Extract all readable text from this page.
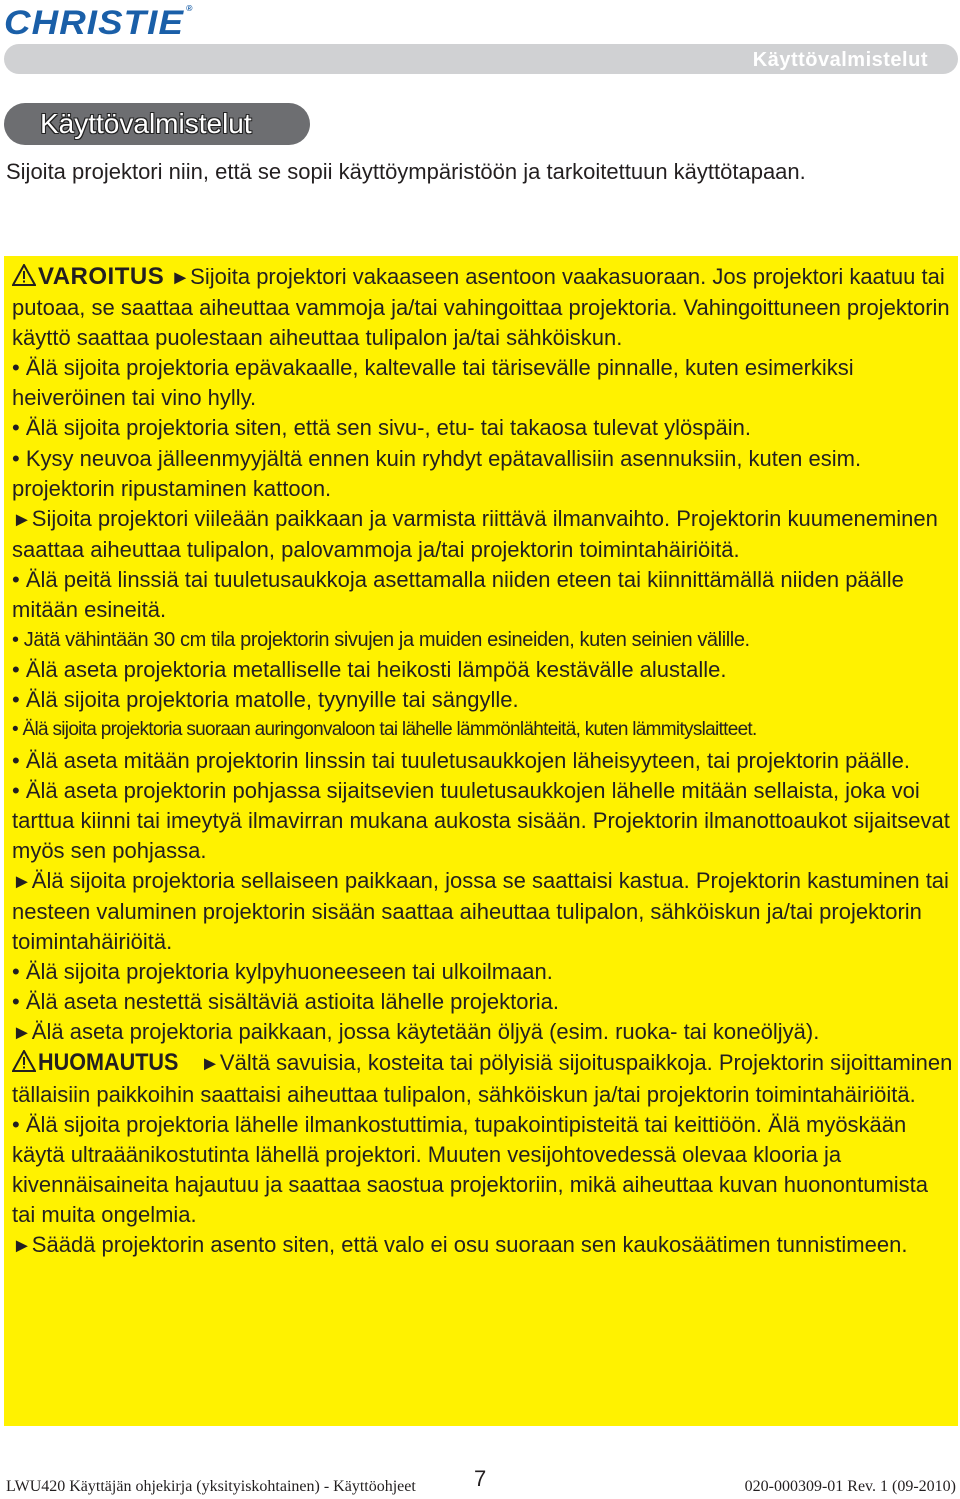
CHRISTIE ®
Käyttövalmistelut
Käyttövalmistelut
Sijoita projektori niin, että se sopii käyttöympäristöön ja tarkoitettuun käyttötapaan.

VAROITUS ►Sijoita projektori vakaaseen asentoon vaakasuoraan. Jos projektori kaatuu tai putoaa, se saattaa aiheuttaa vammoja ja/tai vahingoittaa projektoria. Vahingoittuneen projektorin käyttö saattaa puolestaan aiheuttaa tulipalon ja/tai sähköiskun.

• Älä sijoita projektoria epävakaalle, kaltevalle tai tärisevälle pinnalle, kuten esimerkiksi heiveröinen tai vino hylly.

• Älä sijoita projektoria siten, että sen sivu-, etu- tai takaosa tulevat ylöspäin.

• Kysy neuvoa jälleenmyyjältä ennen kuin ryhdyt epätavallisiin asennuksiin, kuten esim. projektorin ripustaminen kattoon.

►Sijoita projektori viileään paikkaan ja varmista riittävä ilmanvaihto. Projektorin kuumeneminen saattaa aiheuttaa tulipalon, palovammoja ja/tai projektorin toimintahäiriöitä.

• Älä peitä linssiä tai tuuletusaukkoja asettamalla niiden eteen tai kiinnittämällä niiden päälle mitään esineitä.

• Jätä vähintään 30 cm tila projektorin sivujen ja muiden esineiden, kuten seinien välille.

• Älä aseta projektoria metalliselle tai heikosti lämpöä kestävälle alustalle.

• Älä sijoita projektoria matolle, tyynyille tai sängylle.

• Älä sijoita projektoria suoraan auringonvaloon tai lähelle lämmönlähteitä, kuten lämmityslaitteet.

• Älä aseta mitään projektorin linssin tai tuuletusaukkojen läheisyyteen, tai projektorin päälle.

• Älä aseta projektorin pohjassa sijaitsevien tuuletusaukkojen lähelle mitään sellaista, joka voi tarttua kiinni tai imeytyä ilmavirran mukana aukosta sisään. Projektorin ilmanottoaukot sijaitsevat myös sen pohjassa.

►Älä sijoita projektoria sellaiseen paikkaan, jossa se saattaisi kastua. Projektorin kastuminen tai nesteen valuminen projektorin sisään saattaa aiheuttaa tulipalon, sähköiskun ja/tai projektorin toimintahäiriöitä.

• Älä sijoita projektoria kylpyhuoneeseen tai ulkoilmaan.

• Älä aseta nestettä sisältäviä astioita lähelle projektoria.

►Älä aseta projektoria paikkaan, jossa käytetään öljyä (esim. ruoka- tai koneöljyä).

HUOMAUTUS ►Vältä savuisia, kosteita tai pölyisiä sijoituspaikkoja. Projektorin sijoittaminen tällaisiin paikkoihin saattaisi aiheuttaa tulipalon, sähköiskun ja/tai projektorin toimintahäiriöitä.

• Älä sijoita projektoria lähelle ilmankostuttimia, tupakointipisteitä tai keittiöön. Älä myöskään käytä ultraäänikostutinta lähellä projektori. Muuten vesijohtovedessä olevaa klooria ja kivennäisaineita hajautuu ja saattaa saostua projektoriin, mikä aiheuttaa kuvan huonontumista tai muita ongelmia.

►Säädä projektorin asento siten, että valo ei osu suoraan sen kaukosäätimen tunnistimeen.

LWU420 Käyttäjän ohjekirja (yksityiskohtainen) - Käyttöohjeet	7	020-000309-01 Rev. 1 (09-2010)
